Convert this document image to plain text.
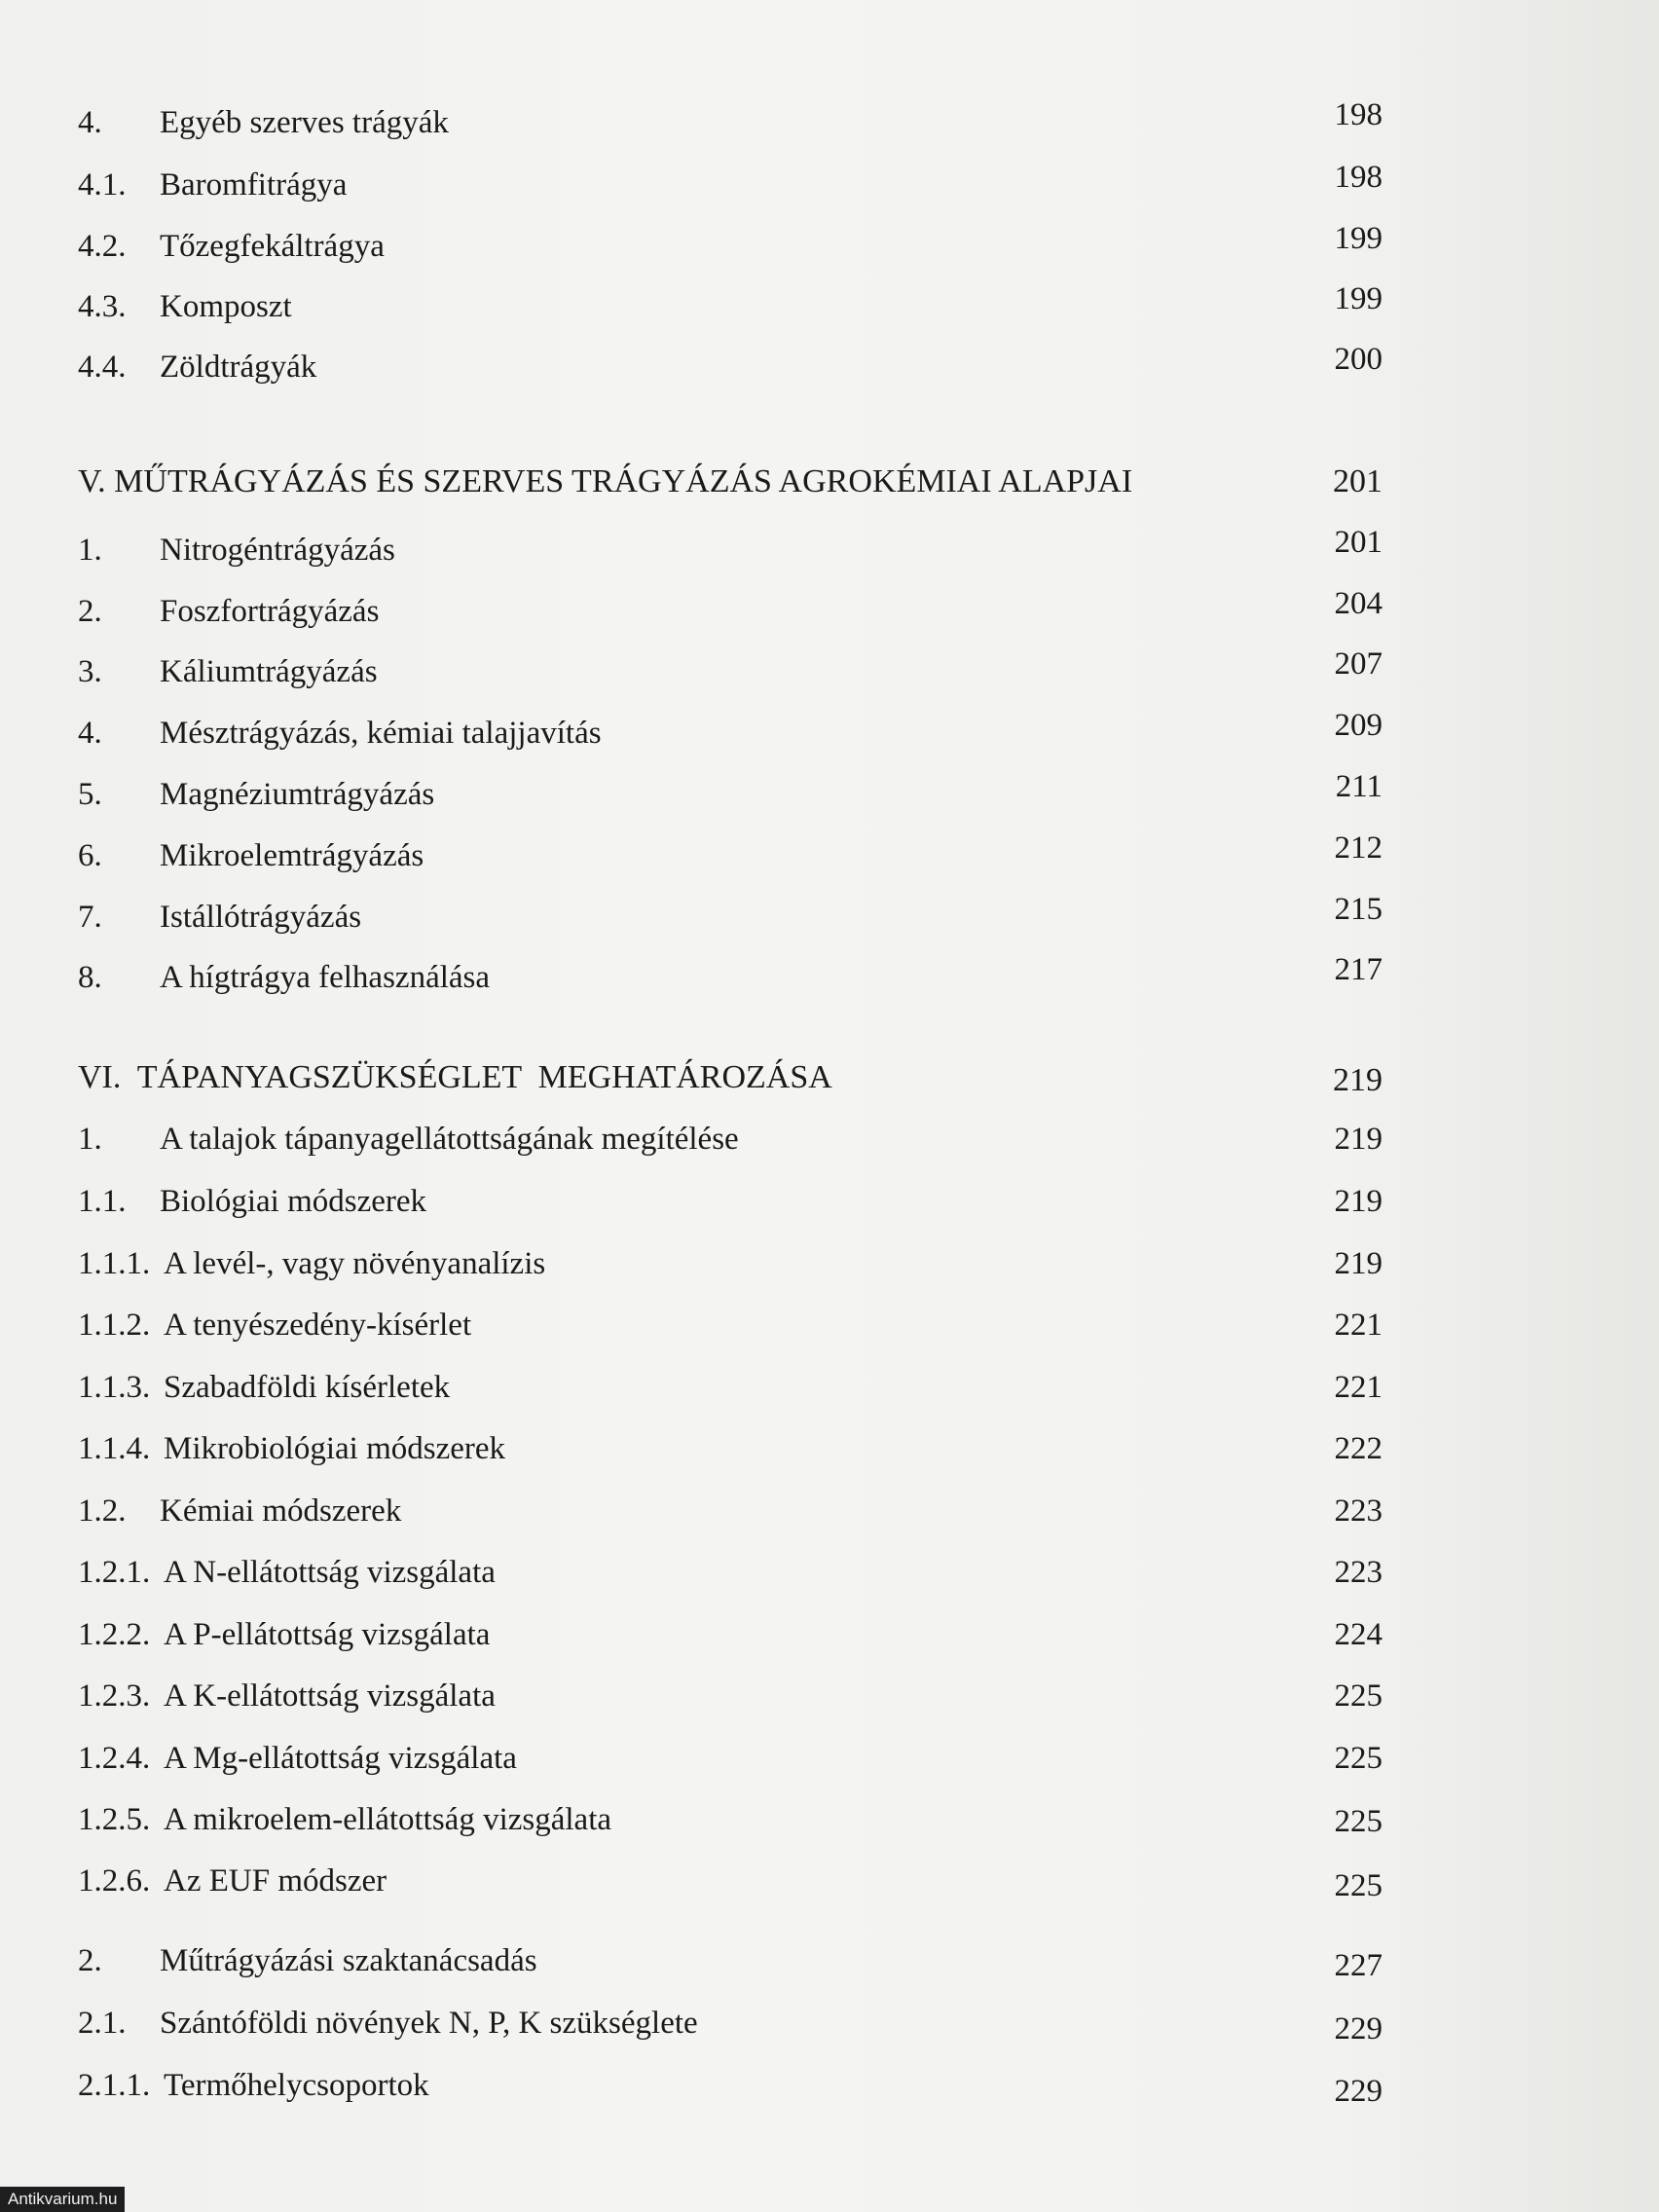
4. Egyéb szerves trágyák	198
4.1. Baromfitrágya	198
4.2. Tőzegfekáltrágya	199
4.3. Komposzt	199
4.4. Zöldtrágyák	200
V. MŰTRÁGYÁZÁS ÉS SZERVES TRÁGYÁZÁS AGROKÉMIAI ALAPJAI	201
1. Nitrogéntrágyázás	201
2. Foszfortrágyázás	204
3. Káliumtrágyázás	207
4. Mésztrágyázás, kémiai talajjavítás	209
5. Magnéziumtrágyázás	211
6. Mikroelemtrágyázás	212
7. Istállótrágyázás	215
8. A hígtrágya felhasználása	217
VI.  TÁPANYAGSZÜKSÉGLET  MEGHATÁROZÁSA	219
1. A talajok tápanyagellátottságának megítélése	219
1.1. Biológiai módszerek	219
1.1.1. A levél-, vagy növényanalízis	219
1.1.2. A tenyészedény-kísérlet	221
1.1.3. Szabadföldi kísérletek	221
1.1.4. Mikrobiológiai módszerek	222
1.2. Kémiai módszerek	223
1.2.1. A N-ellátottság vizsgálata	223
1.2.2. A P-ellátottság vizsgálata	224
1.2.3. A K-ellátottság vizsgálata	225
1.2.4. A Mg-ellátottság vizsgálata	225
1.2.5. A mikroelem-ellátottság vizsgálata	225
1.2.6. Az EUF módszer	225
2. Műtrágyázási szaktanácsadás	227
2.1. Szántóföldi növények N, P, K szükséglete	229
2.1.1. Termőhelycsoportok	229
Antikvarium.hu
